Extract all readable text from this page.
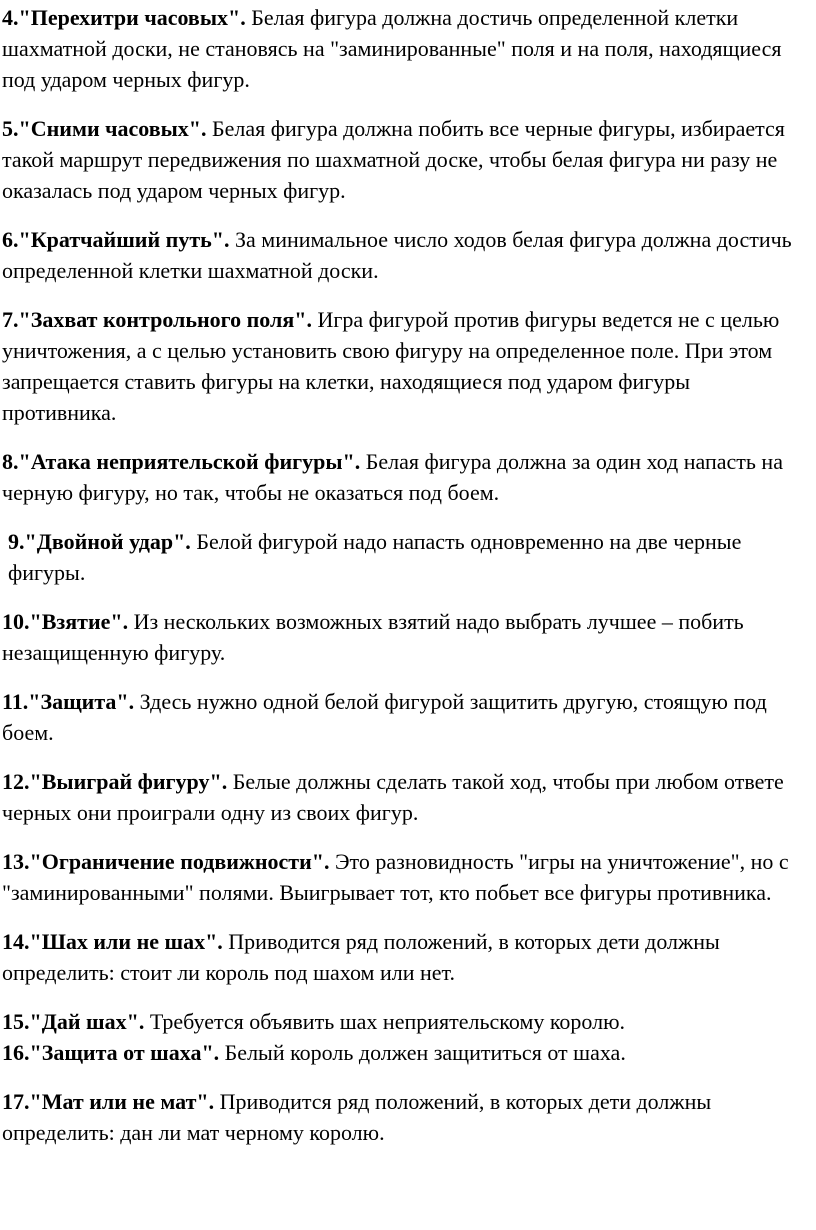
4."Перехитри часовых". Белая фигура должна достичь определенной клетки шахматной доски, не становясь на "заминированные" поля и на поля, находящиеся под ударом черных фигур.

5."Сними часовых". Белая фигура должна побить все черные фигуры, избирается такой маршрут передвижения по шахматной доске, чтобы белая фигура ни разу не оказалась под ударом черных фигур.

6."Кратчайший путь". За минимальное число ходов белая фигура должна достичь определенной клетки шахматной доски.

7."Захват контрольного поля". Игра фигурой против фигуры ведется не с целью уничтожения, а с целью установить свою фигуру на определенное поле. При этом запрещается ставить фигуры на клетки, находящиеся под ударом фигуры противника.

8."Атака неприятельской фигуры". Белая фигура должна за один ход напасть на черную фигуру, но так, чтобы не оказаться под боем.

9."Двойной удар". Белой фигурой надо напасть одновременно на две черные фигуры.

10."Взятие". Из нескольких возможных взятий надо выбрать лучшее – побить незащищенную фигуру.

11."Защита". Здесь нужно одной белой фигурой защитить другую, стоящую под боем.

12."Выиграй фигуру". Белые должны сделать такой ход, чтобы при любом ответе черных они проиграли одну из своих фигур.

13."Ограничение подвижности". Это разновидность "игры на уничтожение", но с "заминированными" полями. Выигрывает тот, кто побьет все фигуры противника.

14."Шах или не шах". Приводится ряд положений, в которых дети должны определить: стоит ли король под шахом или нет.

15."Дай шах". Требуется объявить шах неприятельскому королю.

16."Защита от шаха". Белый король должен защититься от шаха.

17."Мат или не мат". Приводится ряд положений, в которых дети должны определить: дан ли мат черному королю.
